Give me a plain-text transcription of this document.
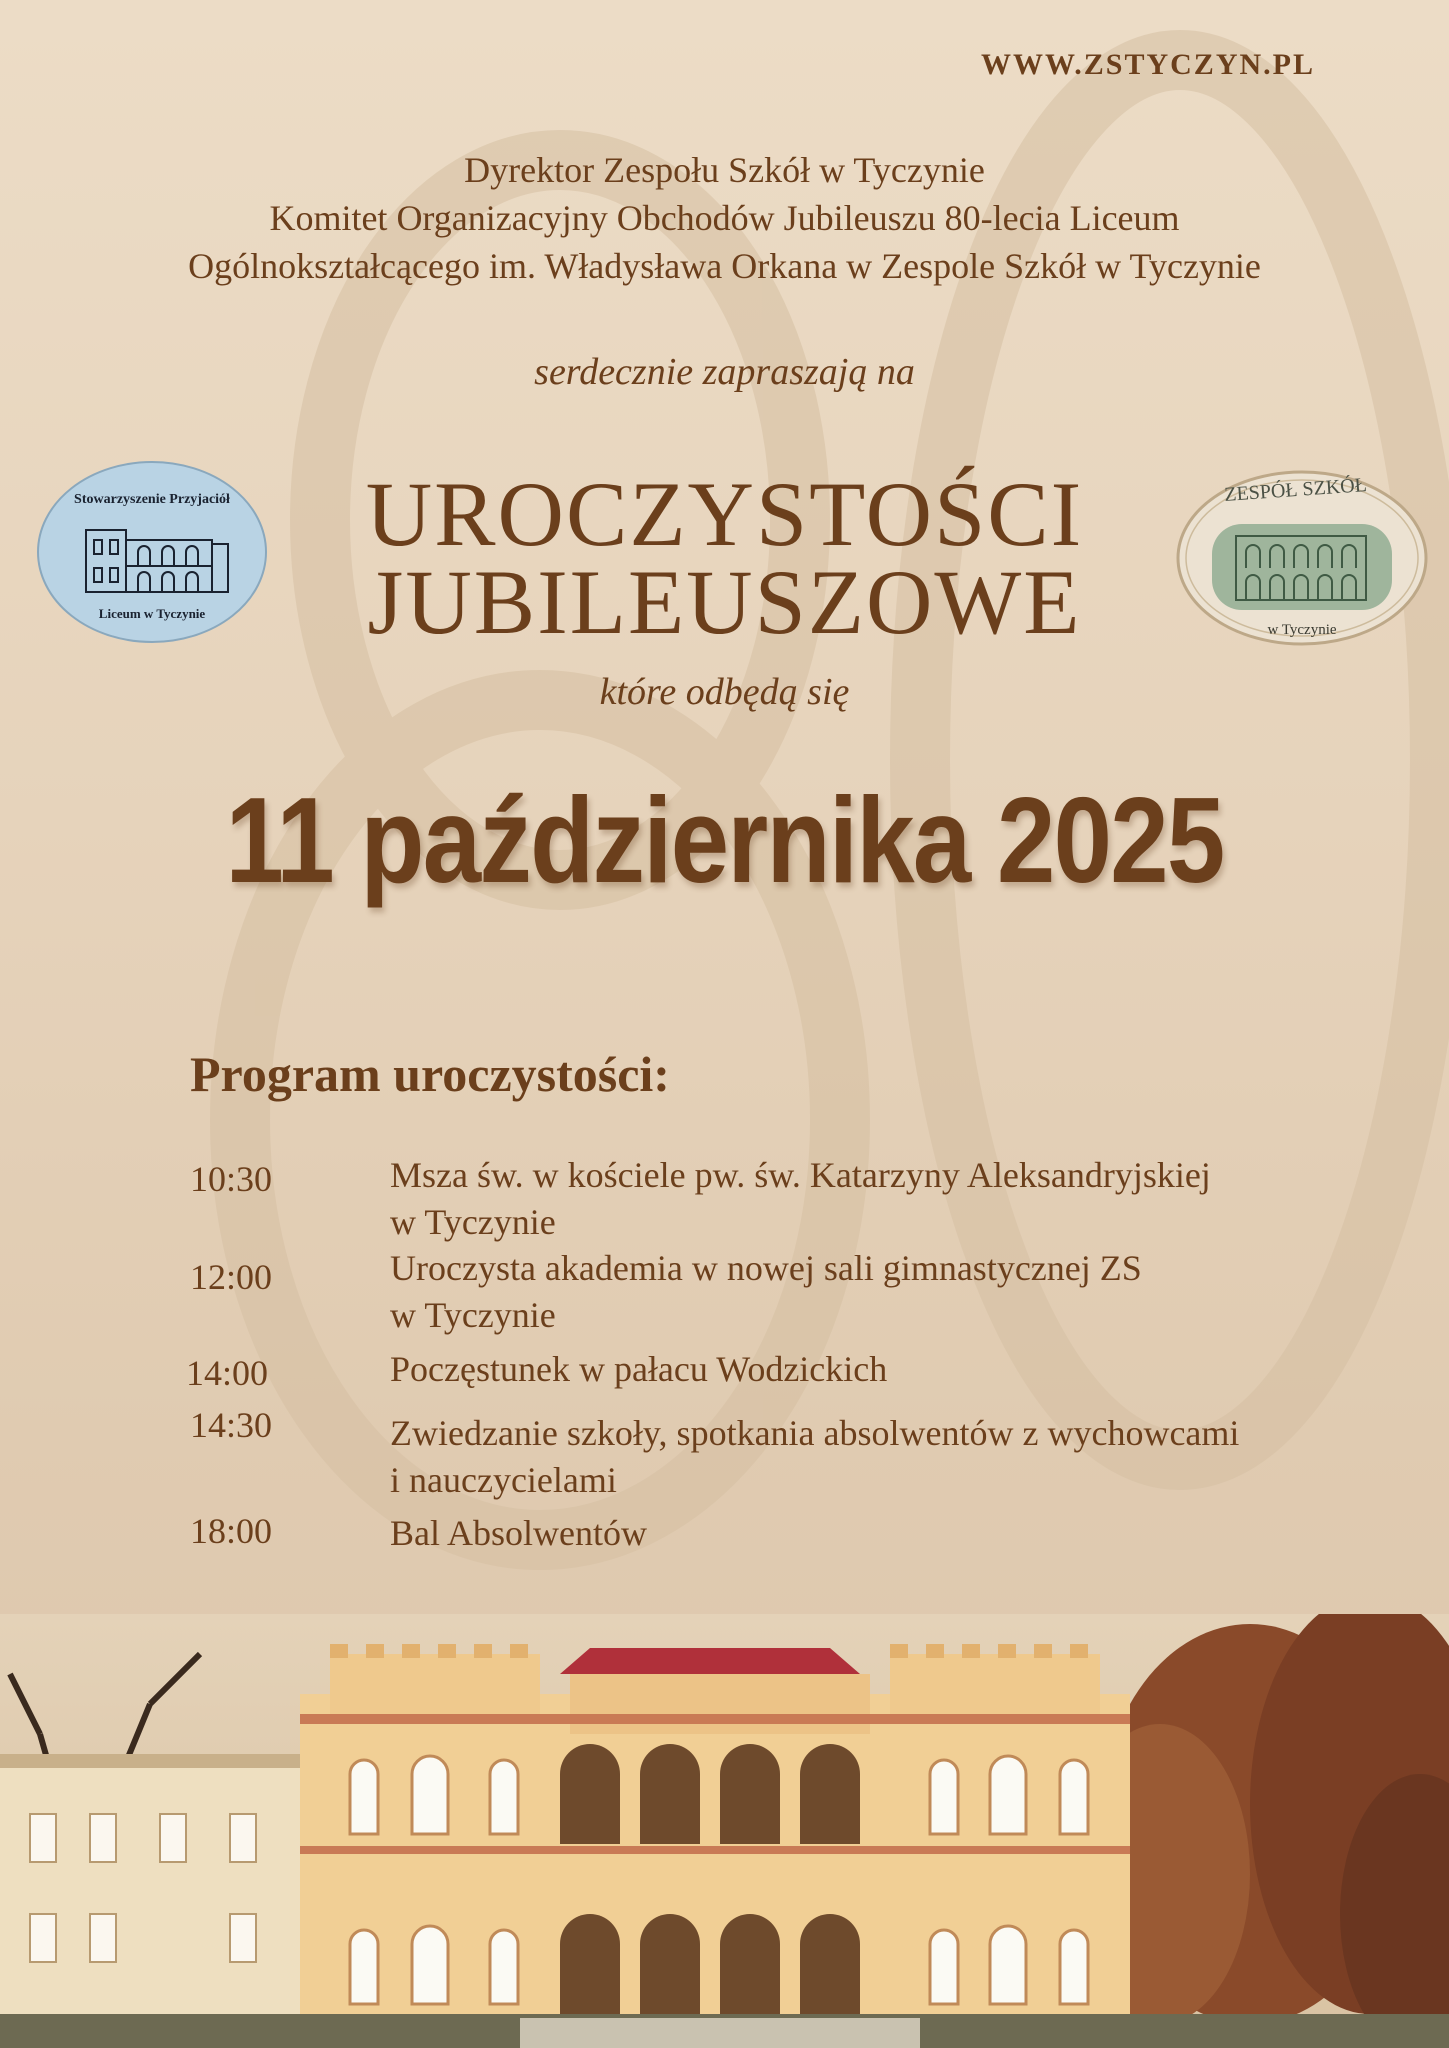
WWW.ZSTYCZYN.PL
Dyrektor Zespołu Szkół w Tyczynie
Komitet Organizacyjny Obchodów Jubileuszu 80-lecia Liceum
Ogólnokształcącego im. Władysława Orkana w Zespole Szkół w Tyczynie
serdecznie zapraszają na
Stowarzyszenie Przyjaciół
Liceum w Tyczynie
ZESPÓŁ SZKÓŁ
w Tyczynie
UROCZYSTOŚCI
JUBILEUSZOWE
które odbędą się
11 października 2025
Program uroczystości:
10:30	Msza św. w kościele pw. św. Katarzyny Aleksandryjskiej
w Tyczynie
12:00	Uroczysta akademia w nowej sali gimnastycznej ZS
w Tyczynie
14:00	Poczęstunek w pałacu Wodzickich
14:30	Zwiedzanie szkoły, spotkania absolwentów z wychowcami
i nauczycielami
18:00	Bal Absolwentów
